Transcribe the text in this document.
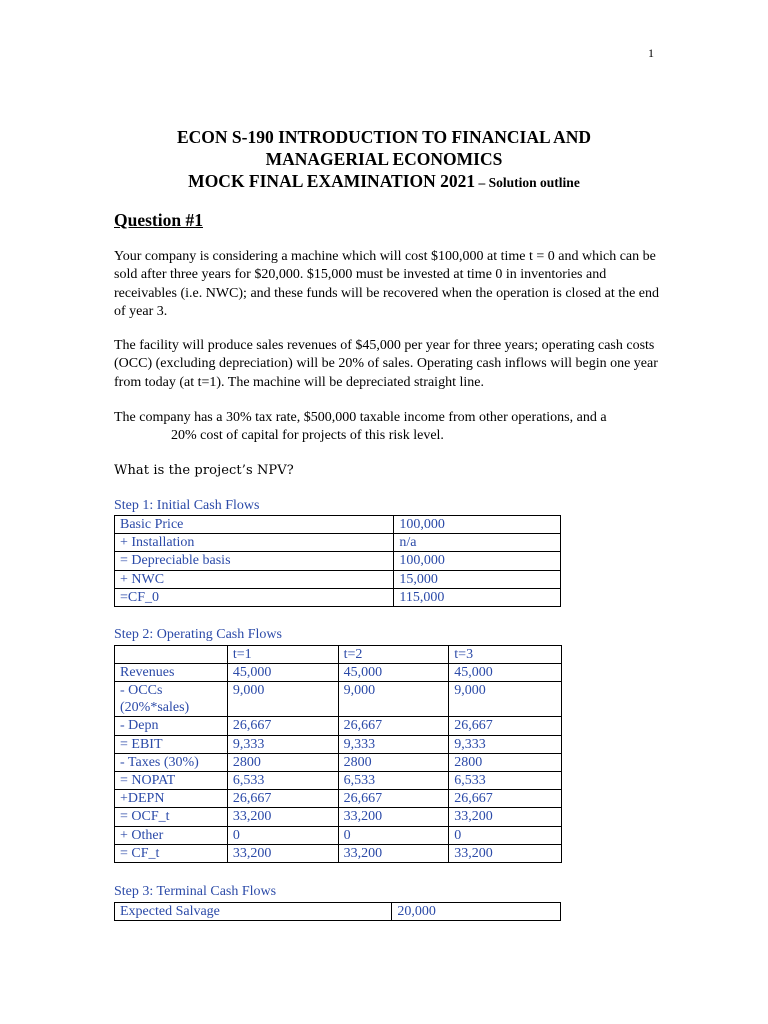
1
ECON S-190 INTRODUCTION TO FINANCIAL AND
MANAGERIAL ECONOMICS
MOCK FINAL EXAMINATION 2021 – Solution outline
Question #1

Your company is considering a machine which will cost $100,000 at time t = 0 and which can be sold after three years for $20,000. $15,000 must be invested at time 0 in inventories and receivables (i.e. NWC); and these funds will be recovered when the operation is closed at the end of year 3.

The facility will produce sales revenues of $45,000 per year for three years; operating cash costs (OCC) (excluding depreciation) will be 20% of sales. Operating cash inflows will begin one year from today (at t=1). The machine will be depreciated straight line.

The company has a 30% tax rate, $500,000 taxable income from other operations, and a

20% cost of capital for projects of this risk level.

What is the project’s NPV?
Step 1: Initial Cash Flows
Basic Price	100,000
+ Installation	n/a
= Depreciable basis	100,000
+ NWC	15,000
=CF_0	115,000
Step 2: Operating Cash Flows
	t=1	t=2	t=3
Revenues	45,000	45,000	45,000
- OCCs (20%*sales)	9,000	9,000	9,000
- Depn	26,667	26,667	26,667
= EBIT	9,333	9,333	9,333
- Taxes (30%)	2800	2800	2800
= NOPAT	6,533	6,533	6,533
+DEPN	26,667	26,667	26,667
= OCF_t	33,200	33,200	33,200
+ Other	0	0	0
= CF_t	33,200	33,200	33,200
Step 3: Terminal Cash Flows
Expected Salvage	20,000
